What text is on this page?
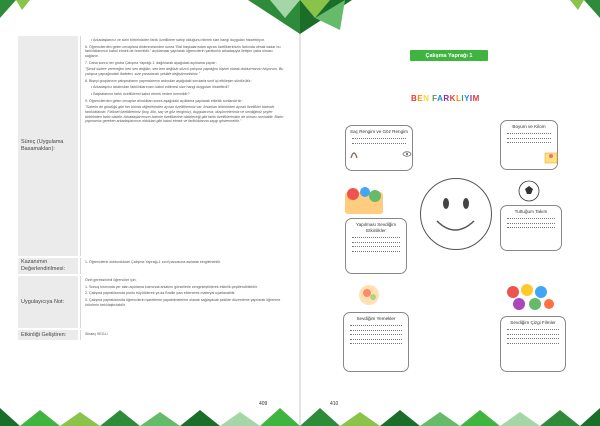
Süreç (Uygulama Basamakları):

• Arkadaşlarınız ve sizin birbirinizden farklı özelliklere sahip olduğunu bilmek size hangi duyguları hissettiriyor.

6. Öğrencilerden gelen cevaplara dinlenmesinden sonra "Bizi başkalarından ayıran özelliklerimizin farkında olmak kadar bu farklılıklarımızı kabul etmek de önemlidir." açıklaması yapılarak öğrencilerin yaratıcılık arkadaşıyla iletişim çaba olması sağlanır.

7. Daha sonra her gruba Çalışma Yaprağı-1' dağıtılarak aşağıdaki açıklama yapılır:

"Şimdi sizlere vereceğim ben sen değilim, sen ben değilsin sözcü çalışma yaprağını kişisel olarak doldurmanızı istiyorum. Bu çalışma yaprağındaki ifadeleri, size yansıtacak şekilde değiştirmelisiniz."

8. Bişeyi gruplarının çalışmalarını yapmalarının ardından aşağıdaki sorularla sınıf içi etkileşim sürdürülür:

• Arkadaşınız tarafından farklılıklarınızın kabul edilmesi size hangi duyguları hissettirdi?

• Başkalarının farklı özelliklerini kabul etmek neden önemlidir?

9. Öğrencilerden gelen cevaplar alındıktan sonra aşağıdaki açıklama yapılarak etkinlik sonlandırılır:

"Sizlerin de gördüğü gibi her birimiz diğerlerinden ayıran özelliklerimiz var. İnsanları birbirinden ayıran özellikler bizimde farklılıklarıdır. Fiziksel özelliklerimiz (boy, kilo, saç ve göz rengimiz), duygularımız, düşüncelerimiz ve sevdiğimiz şeyler birbirinden farklı olabilir. Arkadaşlarımızın bizimle özelliklerine olabileceği gibi farklı özelliklerimizin de olması normaldir. Bizim yapmamız gereken arkadaşlarımızı olduklan gibi kabul etmek ve farklılıklarına saygı göstermektir."

Kazanımın Değerlendirilmesi:

1. Öğrencilerle doldurdukları Çalışma Yaprağı-1 sınıf panosuna asılarak sergilenebilir.

Uygulayıcıya Not:

Özel gereksinimli öğrenciler için;

1. Sunuş kısmında yer alan açıklama kısmında anlatımı görsellerle zenginleştirilerek etkinlik çeşitlendirilebilir.

2. Çalışma yapraklarında punto büyütülerek ya da Braille yazı eklenerek materyal uyarlanabilir.

3. Çalışma yapraklarında öğrencilerin işaretleme yapabilmelerine olanak sağlayacak şekilde düzenleme yapılarak öğrenme ürünlerin farklılaştırılabilir.

Etkinliği Geliştiren:	Sinanç SEGLİ

409	410
Çalışma Yaprağı 1
BEN FARKLIYIM
Saç Rengim ve Göz Rengim
Boyum ve Kilom
Yapılması Sevdiğim Etkinlikler
Tuttuğum Takım
Sevdiğim Yemekler
Sevdiğim Çizgi Filmler
